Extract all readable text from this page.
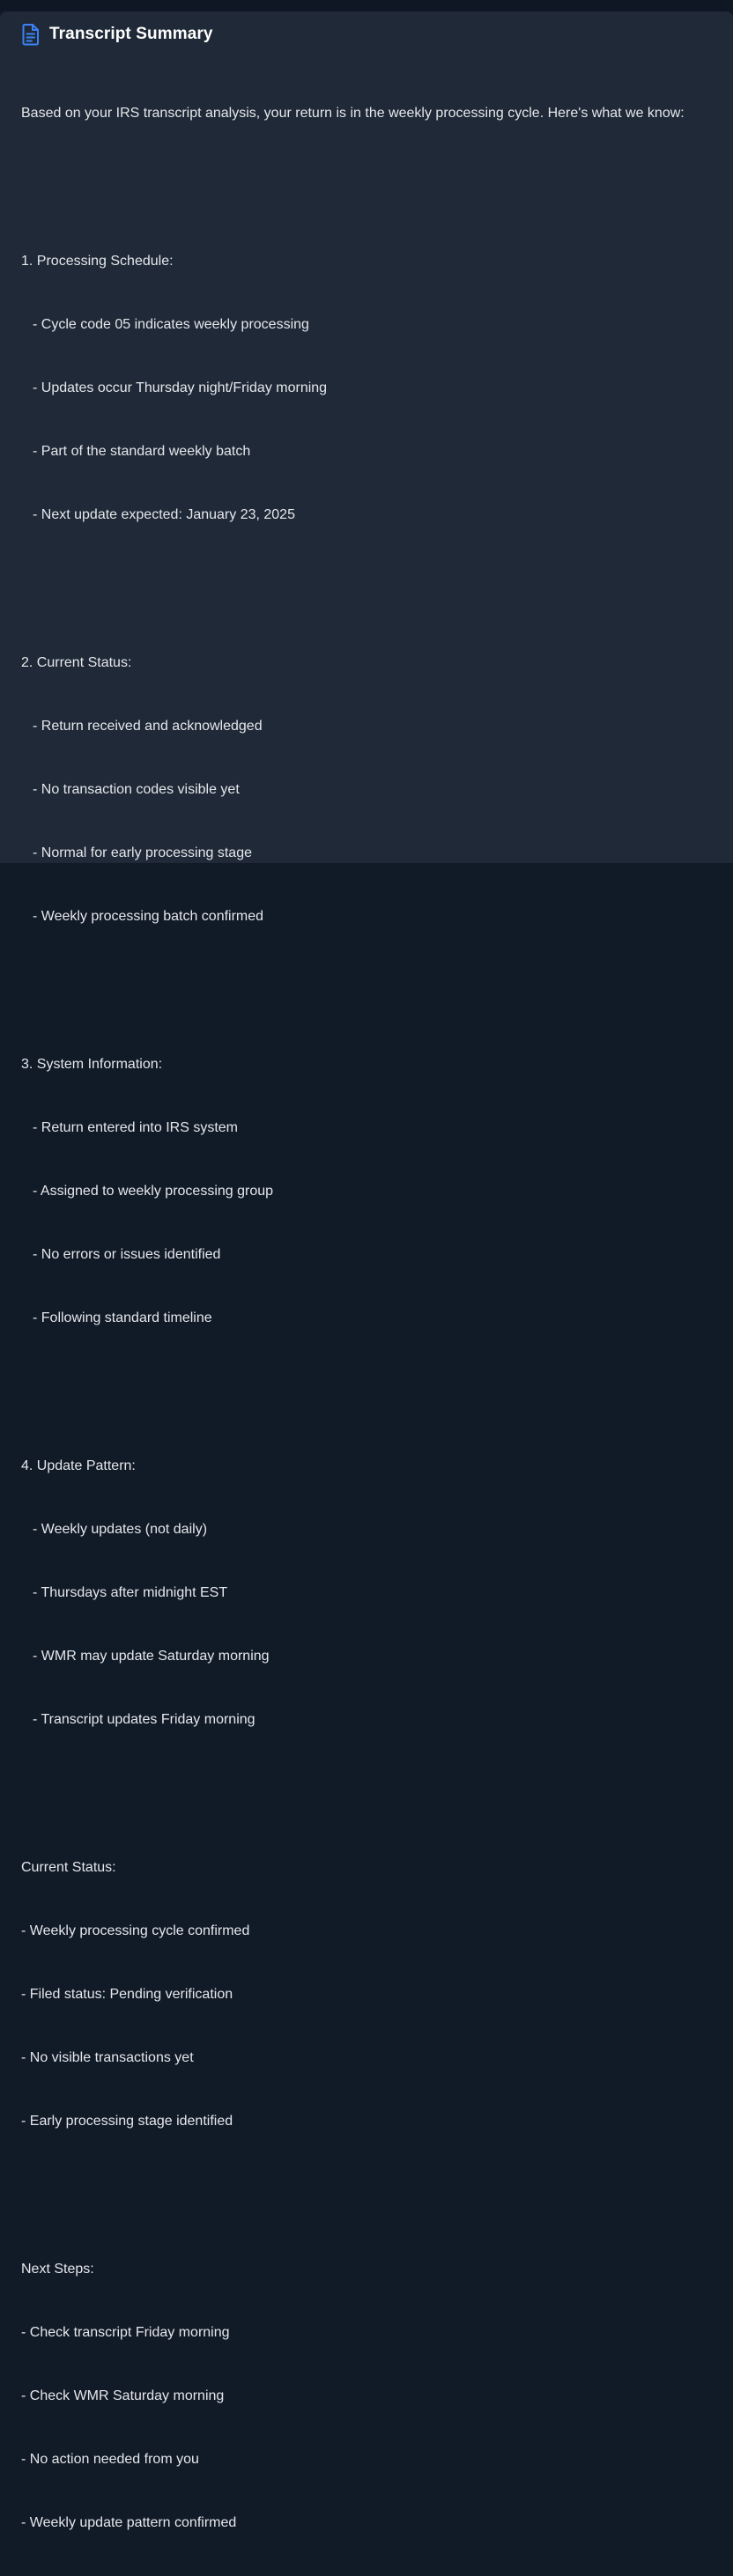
Transcript Summary

Based on your IRS transcript analysis, your return is in the weekly processing cycle. Here's what we know:

1. Processing Schedule:

- Cycle code 05 indicates weekly processing

- Updates occur Thursday night/Friday morning

- Part of the standard weekly batch

- Next update expected: January 23, 2025

2. Current Status:

- Return received and acknowledged

- No transaction codes visible yet

- Normal for early processing stage

- Weekly processing batch confirmed

3. System Information:

- Return entered into IRS system

- Assigned to weekly processing group

- No errors or issues identified

- Following standard timeline

4. Update Pattern:

- Weekly updates (not daily)

- Thursdays after midnight EST

- WMR may update Saturday morning

- Transcript updates Friday morning

Current Status:

- Weekly processing cycle confirmed

- Filed status: Pending verification

- No visible transactions yet

- Early processing stage identified

Next Steps:

- Check transcript Friday morning

- Check WMR Saturday morning

- No action needed from you

- Weekly update pattern confirmed
